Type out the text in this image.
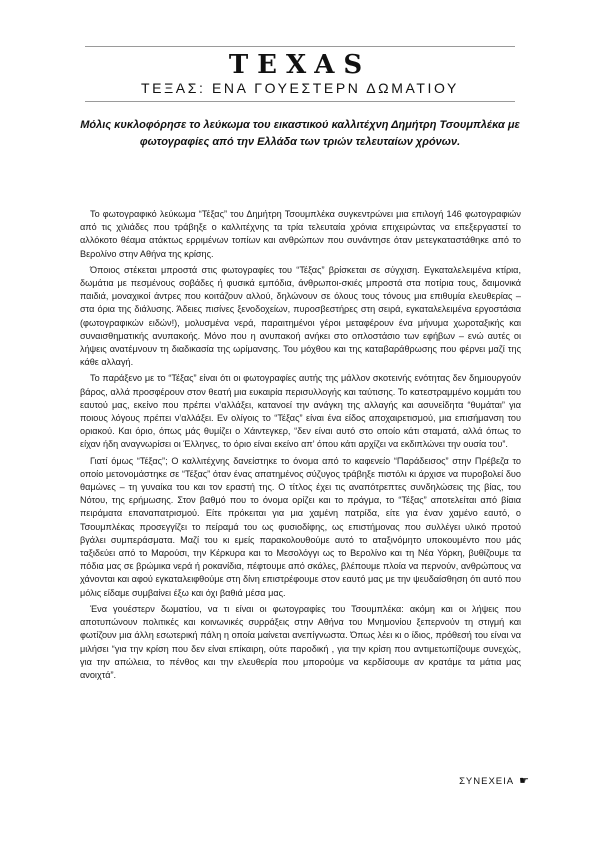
TEXAS
ΤΕΞΑΣ: ΕΝΑ ΓΟΥΕΣΤΕΡΝ ΔΩΜΑΤΙΟΥ
Μόλις κυκλοφόρησε το λεύκωμα του εικαστικού καλλιτέχνη Δημήτρη Τσουμπλέκα με φωτογραφίες από την Ελλάδα των τριών τελευταίων χρόνων.

Το φωτογραφικό λεύκωμα “Τέξας” του Δημήτρη Τσουμπλέκα συγκεντρώνει μια επιλογή 146 φωτογραφιών από τις χιλιάδες που τράβηξε ο καλλιτέχνης τα τρία τελευταία χρόνια επιχειρώντας να επεξεργαστεί το αλλόκοτο θέαμα ατάκτως ερριμένων τοπίων και ανθρώπων που συνάντησε όταν μετεγκαταστάθηκε από το Βερολίνο στην Αθήνα της κρίσης.

Όποιος στέκεται μπροστά στις φωτογραφίες του “Τέξας” βρίσκεται σε σύγχιση. Εγκαταλελειμένα κτίρια, δωμάτια με πεσμένους σοβάδες ή φυσικά εμπόδια, άνθρωποι-σκιές μπροστά στα ποτίρια τους, δαιμονικά παιδιά, μοναχικοί άντρες που κοιτάζουν αλλού, δηλώνουν σε όλους τους τόνους μια επιθυμία ελευθερίας – στα όρια της διάλυσης. Άδειες πισίνες ξενοδοχείων, πυροσβεστήρες στη σειρά, εγκαταλελειμένα εργοστάσια (φωτογραφικών ειδών!), μολυσμένα νερά, παραιτημένοι γέροι μεταφέρουν ένα μήνυμα χωροταξικής και συναισθηματικής ανυπακοής. Μόνο που η ανυπακοή ανήκει στο οπλοστάσιο των εφήβων – ενώ αυτές οι λήψεις ανατέμνουν τη διαδικασία της ωρίμανσης. Του μόχθου και της καταβαράθρωσης που φέρνει μαζί της κάθε αλλαγή.

Το παράξενο με το “Τέξας” είναι ότι οι φωτογραφίες αυτής της μάλλον σκοτεινής ενότητας δεν δημιουργούν βάρος, αλλά προσφέρουν στον θεατή μια ευκαιρία περισυλλογής και ταύτισης. Το κατεστραμμένο κομμάτι του εαυτού μας, εκείνο που πρέπει ν’αλλάξει, κατανοεί την ανάγκη της αλλαγής και ασυνείδητα “θυμάται” για ποιους λόγους πρέπει ν’αλλάξει. Εν ολίγοις το “Τέξας” είναι ένα είδος αποχαιρετισμού, μια επισήμανση του οριακού. Και όριο, όπως μάς θυμίζει ο Χάιντεγκερ, “δεν είναι αυτό στο οποίο κάτι σταματά, αλλά όπως το είχαν ήδη αναγνωρίσει οι Έλληνες, το όριο είναι εκείνο απ’ όπου κάτι αρχίζει να εκδιπλώνει την ουσία του”.

Γιατί όμως “Τέξας”; Ο καλλιτέχνης δανείστηκε το όνομα από το καφενείο “Παράδεισος” στην Πρέβεζα το οποίο μετονομάστηκε σε “Τέξας” όταν ένας απατημένος σύζυγος τράβηξε πιστόλι κι άρχισε να πυροβολεί δυο θαμώνες – τη γυναίκα του και τον εραστή της. Ο τίτλος έχει τις αναπότρεπτες συνδηλώσεις της βίας, του Νότου, της ερήμωσης. Στον βαθμό που το όνομα ορίζει και το πράγμα, το “Τέξας” αποτελείται από βίαια πειράματα επαναπατρισμού. Είτε πρόκειται για μια χαμένη πατρίδα, είτε για έναν χαμένο εαυτό, ο Τσουμπλέκας προσεγγίζει το πείραμά του ως φυσιοδίφης, ως επιστήμονας που συλλέγει υλικό προτού βγάλει συμπεράσματα. Μαζί του κι εμείς παρακολουθούμε αυτό το αταξινόμητο υποκουμέντο που μάς ταξιδεύει από το Μαρούσι, την Κέρκυρα και το Μεσολόγγι ως το Βερολίνο και τη Νέα Υόρκη, βυθίζουμε τα πόδια μας σε βρώμικα νερά ή ροκανίδια, πέφτουμε από σκάλες, βλέπουμε πλοία να περνούν, ανθρώπους να χάνονται και αφού εγκαταλειφθούμε στη δίνη επιστρέφουμε στον εαυτό μας με την ψευδαίσθηση ότι αυτό που μόλις είδαμε συμβαίνει έξω και όχι βαθιά μέσα μας.

Ένα γουέστερν δωματίου, να τι είναι οι φωτογραφίες του Τσουμπλέκα: ακόμη και οι λήψεις που αποτυπώνουν πολιτικές και κοινωνικές συρράξεις στην Αθήνα του Μνημονίου ξεπερνούν τη στιγμή και φωτίζουν μια άλλη εσωτερική πάλη η οποία μαίνεται ανεπίγνωστα. Όπως λέει κι ο ίδιος, πρόθεσή του είναι να μιλήσει “για την κρίση που δεν είναι επίκαιρη, ούτε παροδική , για την κρίση που αντιμετωπίζουμε συνεχώς, για την απώλεια, το πένθος και την ελευθερία που μπορούμε να κερδίσουμε αν κρατάμε τα μάτια μας ανοιχτά”.

ΣΥΝΕΧΕΙΑ ☛
